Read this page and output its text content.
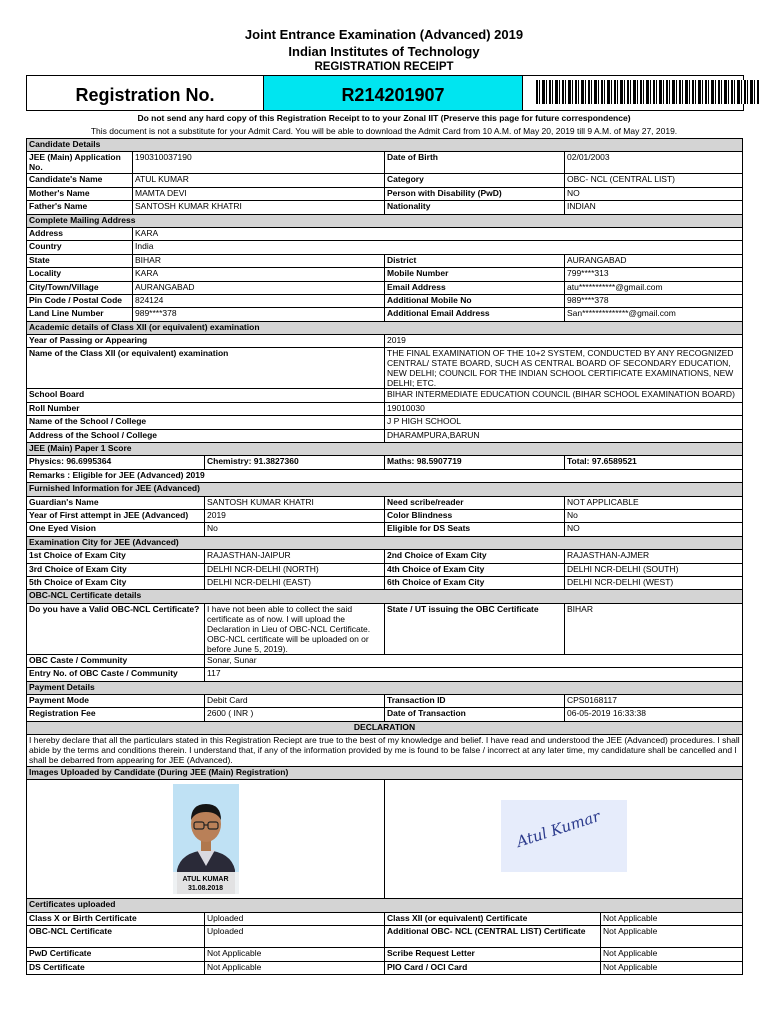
Joint Entrance Examination (Advanced) 2019
Indian Institutes of Technology
REGISTRATION RECEIPT
Registration No.	R214201907
Do not send any hard copy of this Registration Receipt to to your Zonal IIT (Preserve this page for future correspondence)
This document is not a substitute for your Admit Card. You will be able to download the Admit Card from 10 A.M. of May 20, 2019 till 9 A.M. of May 27, 2019.
Candidate Details					
JEE (Main) Application No.	190310037190		Date of Birth	02/01/2003	
Candidate's Name	ATUL KUMAR		Category	OBC- NCL (CENTRAL LIST)	
Mother's Name	MAMTA DEVI		Person with Disability (PwD)	NO	
Father's Name	SANTOSH KUMAR KHATRI		Nationality	INDIAN	
Complete Mailing Address					
Address	KARA				
Country	India				
State	BIHAR		District	AURANGABAD	
Locality	KARA		Mobile Number	799****313	
City/Town/Village	AURANGABAD		Email Address	atu***********@gmail.com	
Pin Code / Postal Code	824124		Additional Mobile No	989****378	
Land Line Number	989****378		Additional Email Address	San**************@gmail.com	
Academic details of Class XII (or equivalent) examination					
Year of Passing or Appearing			2019		
Name of the Class XII (or equivalent) examination			THE FINAL EXAMINATION OF THE 10+2 SYSTEM, CONDUCTED BY ANY RECOGNIZED CENTRAL/ STATE BOARD, SUCH AS CENTRAL BOARD OF SECONDARY EDUCATION, NEW DELHI; COUNCIL FOR THE INDIAN SCHOOL CERTIFICATE EXAMINATIONS, NEW DELHI; ETC.		
School Board			BIHAR INTERMEDIATE EDUCATION COUNCIL (BIHAR SCHOOL EXAMINATION BOARD)		
Roll Number			19010030		
Name of the School / College			J P HIGH SCHOOL		
Address of the School / College			DHARAMPURA,BARUN		
JEE (Main) Paper 1 Score					
Physics: 96.6995364		Chemistry: 91.3827360	Maths: 98.5907719	Total: 97.6589521	
Remarks : Eligible for JEE (Advanced) 2019					
Furnished Information for JEE (Advanced)					
Guardian's Name		SANTOSH KUMAR KHATRI	Need scribe/reader	NOT APPLICABLE	
Year of First attempt in JEE (Advanced)		2019	Color Blindness	No	
One Eyed Vision		No	Eligible for DS Seats	NO	
Examination City for JEE (Advanced)					
1st Choice of Exam City		RAJASTHAN-JAIPUR	2nd Choice of Exam City	RAJASTHAN-AJMER	
3rd Choice of Exam City		DELHI NCR-DELHI (NORTH)	4th Choice of Exam City	DELHI NCR-DELHI (SOUTH)	
5th Choice of Exam City		DELHI NCR-DELHI (EAST)	6th Choice of Exam City	DELHI NCR-DELHI (WEST)	
OBC-NCL Certificate details					
Do you have a Valid OBC-NCL Certificate?		I have not been able to collect the said certificate as of now. I will upload the Declaration in Lieu of OBC-NCL Certificate. OBC-NCL certificate will be uploaded on or before June 5, 2019).	State / UT issuing the OBC Certificate	BIHAR	
OBC Caste / Community		Sonar, Sunar			
Entry No. of OBC Caste / Community		117			
Payment Details					
Payment Mode		Debit Card	Transaction ID	CPS0168117	
Registration Fee		2600 ( INR )	Date of Transaction	06-05-2019 16:33:38	
DECLARATION					
I hereby declare that all the particulars stated in this Registration Reciept are true to the best of my knowledge and belief. I have read and understood the JEE (Advanced) procedures. I shall abide by the terms and conditions therein. I understand that, if any of the information provided by me is found to be false / incorrect at any later time, my candidature shall be cancelled and I shall be debarred from appearing for JEE (Advanced).					
Images Uploaded by Candidate (During JEE (Main) Registration)					

ATUL KUMAR
31.08.2018			Atul Kumar		

Certificates uploaded					
Class X or Birth Certificate		Uploaded	Class XII (or equivalent) Certificate		Not Applicable
OBC-NCL Certificate		Uploaded	Additional OBC- NCL (CENTRAL LIST) Certificate		Not Applicable
PwD Certificate		Not Applicable	Scribe Request Letter		Not Applicable
DS Certificate		Not Applicable	PIO Card / OCI Card		Not Applicable
